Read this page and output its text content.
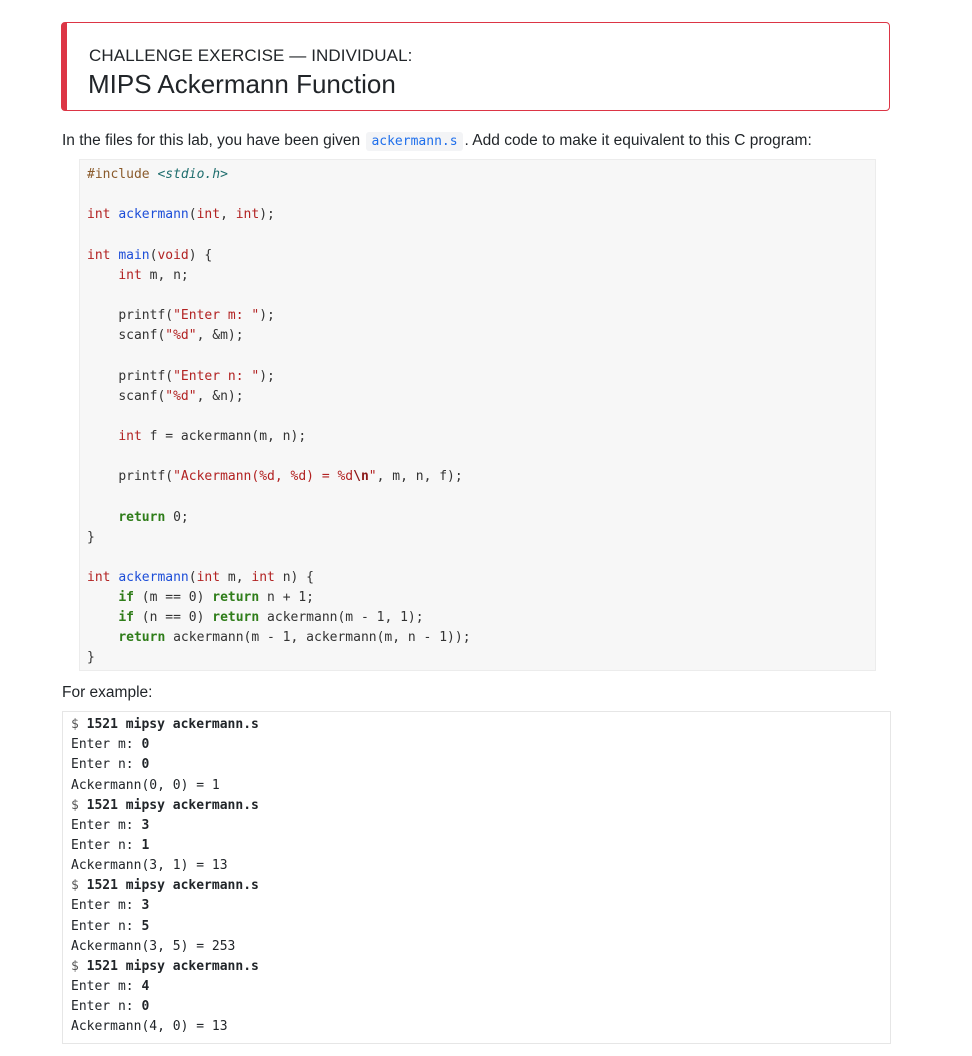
CHALLENGE EXERCISE — INDIVIDUAL:
MIPS Ackermann Function
In the files for this lab, you have been given ackermann.s . Add code to make it equivalent to this C program:
#include <stdio.h>
int ackermann(int, int);
int main(void) {
int m, n;
printf("Enter m: ");
scanf("%d", &m);
printf("Enter n: ");
scanf("%d", &n);
int f = ackermann(m, n);
printf("Ackermann(%d, %d) = %d\n", m, n, f);
return 0;
}
int ackermann(int m, int n) {
if (m == 0) return n + 1;
if (n == 0) return ackermann(m - 1, 1);
return ackermann(m - 1, ackermann(m, n - 1));
}
For example:
$ 1521 mipsy ackermann.s
Enter m: 0
Enter n: 0
Ackermann(0, 0) = 1
$ 1521 mipsy ackermann.s
Enter m: 3
Enter n: 1
Ackermann(3, 1) = 13
$ 1521 mipsy ackermann.s
Enter m: 3
Enter n: 5
Ackermann(3, 5) = 253
$ 1521 mipsy ackermann.s
Enter m: 4
Enter n: 0
Ackermann(4, 0) = 13
